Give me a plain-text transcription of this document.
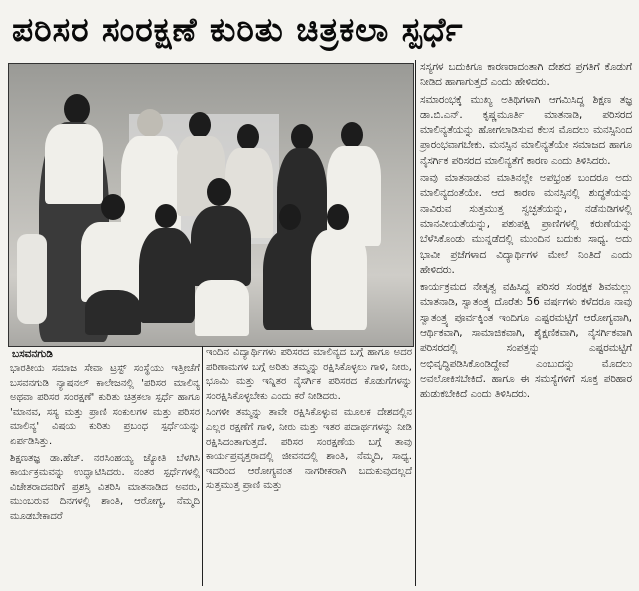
ಪರಿಸರ ಸಂರಕ್ಷಣೆ ಕುರಿತು ಚಿತ್ರಕಲಾ ಸ್ಪರ್ಧೆ
ಬಸವನಗುಡಿ

ಭಾರತೀಯ ಸಮಾಜ ಸೇವಾ ಟ್ರಸ್ಟ್ ಸಂಸ್ಥೆಯು ಇತ್ತೀಚೆಗೆ ಬಸವನಗುಡಿ ನ್ಯಾಷನಲ್ ಕಾಲೇಜನಲ್ಲಿ 'ಪರಿಸರ ಮಾಲಿನ್ಯ ಅಥವಾ ಪರಿಸರ ಸಂರಕ್ಷಣೆ' ಕುರಿತು ಚಿತ್ರಕಲಾ ಸ್ಪರ್ಧೆ ಹಾಗೂ 'ಮಾನವ, ಸಸ್ಯ ಮತ್ತು ಪ್ರಾಣಿ ಸಂಕುಲಗಳ ಮತ್ತು ಪರಿಸರ ಮಾಲಿನ್ಯ' ವಿಷಯ ಕುರಿತು ಪ್ರಬಂಧ ಸ್ಪರ್ಧೆಯನ್ನು ಏರ್ಪಡಿಸಿತ್ತು.

ಶಿಕ್ಷಣತಜ್ಞ ಡಾ.ಹೆಚ್. ನರಸಿಂಹಯ್ಯ ಜ್ಯೋತಿ ಬೆಳಗಿಸಿ ಕಾರ್ಯಕ್ರಮವನ್ನು ಉದ್ಘಾಟಿಸಿದರು. ನಂತರ ಸ್ಪರ್ಧೆಗಳಲ್ಲಿ ವಿಜೇತರಾದವರಿಗೆ ಪ್ರಶಸ್ತಿ ವಿತರಿಸಿ ಮಾತನಾಡಿದ ಅವರು, ಮುಂಬರುವ ದಿನಗಳಲ್ಲಿ ಶಾಂತಿ, ಆರೋಗ್ಯ, ನೆಮ್ಮದಿ ಮೂಡಬೇಕಾದರೆ

ಇಂದಿನ ವಿದ್ಯಾರ್ಥಿಗಳು ಪರಿಸರದ ಮಾಲಿನ್ಯದ ಬಗ್ಗೆ ಹಾಗೂ ಅದರ ಪರಿಣಾಮಗಳ ಬಗ್ಗೆ ಅರಿತು ತಮ್ಮನ್ನು ರಕ್ಷಿಸಿಕೊಳ್ಳಲು ಗಾಳಿ, ನೀರು, ಭೂಮಿ ಮತ್ತು ಇನ್ನಿತರ ನೈಸರ್ಗಿಕ ಪರಿಸರದ ಕೊಡುಗೆಗಳನ್ನು ಸಂರಕ್ಷಿಸಿಕೊಳ್ಳಬೇಕು ಎಂದು ಕರೆ ನೀಡಿದರು.

ಸಿಂಗಳೀ ತಮ್ಮನ್ನು ತಾವೇ ರಕ್ಷಿಸಿಕೊಳ್ಳುವ ಮೂಲಕ ದೇಶದಲ್ಲಿನ ಎಲ್ಲರ ರಕ್ಷಣೆಗೆ ಗಾಳಿ, ನೀರು ಮತ್ತು ಇತರ ಪದಾರ್ಥಗಳನ್ನು ನೀಡಿ ರಕ್ಷಿಸಿದಂತಾಗುತ್ತದೆ. ಪರಿಸರ ಸಂರಕ್ಷಣೆಯ ಬಗ್ಗೆ ತಾವು ಕಾರ್ಯಪ್ರವೃತ್ತರಾದಲ್ಲಿ ಜೀವನದಲ್ಲಿ ಶಾಂತಿ, ನೆಮ್ಮದಿ, ಸಾಧ್ಯ. ಇದರಿಂದ ಆರೋಗ್ಯವಂತ ನಾಗರೀಕರಾಗಿ ಬದುಕುವುದಲ್ಲದೆ ಸುತ್ತಮುತ್ತ ಪ್ರಾಣಿ ಮತ್ತು

ಸಸ್ಯಗಳ ಬದುಕಿಗೂ ಕಾರಣರಾದಂತಾಗಿ ದೇಶದ ಪ್ರಗತಿಗೆ ಕೊಡುಗೆ ನೀಡಿದ ಹಾಗಾಗುತ್ತದೆ ಎಂದು ಹೇಳಿದರು.

ಸಮಾರಂಭಕ್ಕೆ ಮುಖ್ಯ ಅತಿಥಿಗಳಾಗಿ ಆಗಮಿಸಿದ್ದ ಶಿಕ್ಷಣ ತಜ್ಞ ಡಾ.ಬಿ.ಎನ್. ಕೃಷ್ಣಮೂರ್ತಿ ಮಾತನಾಡಿ, ಪರಿಸರದ ಮಾಲಿನ್ಯತೆಯನ್ನು ಹೋಗಲಾಡಿಸುವ ಕೆಲಸ ಮೊದಲು ಮನಸ್ಸಿನಿಂದ ಪ್ರಾರಂಭವಾಗಬೇಕು. ಮನಸ್ಸಿನ ಮಾಲಿನ್ಯತೆಯೇ ಸಮಾಜದ ಹಾಗೂ ನೈಸರ್ಗಿಕ ಪರಿಸರದ ಮಾಲಿನ್ಯತೆಗೆ ಕಾರಣ ಎಂದು ತಿಳಿಸಿದರು.

ನಾವು ಮಾತನಾಡುವ ಮಾತಿನಲ್ಲೇ ಅಪಭ್ರಂಶ ಬಂದರೂ ಅದು ಮಾಲಿನ್ಯದಂತೆಯೇ. ಆದ ಕಾರಣ ಮನಸ್ಸಿನಲ್ಲಿ ಶುದ್ಧತೆಯನ್ನು ನಾವಿರುವ ಸುತ್ತಮುತ್ತ ಸ್ವಚ್ಛತೆಯನ್ನು, ನಡೆನುಡಿಗಳಲ್ಲಿ ಮಾನವೀಯತೆಯನ್ನು, ಪಶುಪಕ್ಷಿ ಪ್ರಾಣಿಗಳಲ್ಲಿ ಕರುಣೆಯನ್ನು ಬೆಳೆಸಿಕೊಂಡು ಮುನ್ನಡೆದಲ್ಲಿ ಮುಂದಿನ ಬದುಕು ಸಾಧ್ಯ. ಅದು ಭಾವೀ ಪ್ರಜೆಗಳಾದ ವಿದ್ಯಾರ್ಥಿಗಳ ಮೇಲೆ ನಿಂತಿದೆ ಎಂದು ಹೇಳಿದರು.

ಕಾರ್ಯಕ್ರಮದ ನೇತೃತ್ವ ವಹಿಸಿದ್ದ ಪರಿಸರ ಸಂರಕ್ಷಕ ಶಿವಮಲ್ಲು ಮಾತನಾಡಿ, ಸ್ವಾತಂತ್ರ್ಯ ದೊರೆತು 56 ವರ್ಷಗಳು ಕಳೆದರೂ ನಾವು ಸ್ವಾತಂತ್ರ್ಯ ಪೂರ್ವಕ್ಕಿಂತ ಇಂದಿಗೂ ಎಷ್ಟರಮಟ್ಟಿಗೆ ಆರೋಗ್ಯವಾಗಿ, ಆರ್ಥಿಕವಾಗಿ, ಸಾಮಾಜಿಕವಾಗಿ, ಶೈಕ್ಷಣಿಕವಾಗಿ, ನೈಸರ್ಗಿಕವಾಗಿ ಪರಿಸರದಲ್ಲಿ ಸಂಪತ್ತನ್ನು ಎಷ್ಟರಮಟ್ಟಿಗೆ ಅಭಿವೃದ್ಧಿಪಡಿಸಿಕೊಂಡಿದ್ದೇವೆ ಎಂಬುದನ್ನು ಮೊದಲು ಅವಲೋಕಿಸಬೇಕಿದೆ. ಹಾಗೂ ಈ ಸಮಸ್ಯೆಗಳಿಗೆ ಸೂಕ್ತ ಪರಿಹಾರ ಹುಡುಕಬೇಕಿದೆ ಎಂದು ತಿಳಿಸಿದರು.
